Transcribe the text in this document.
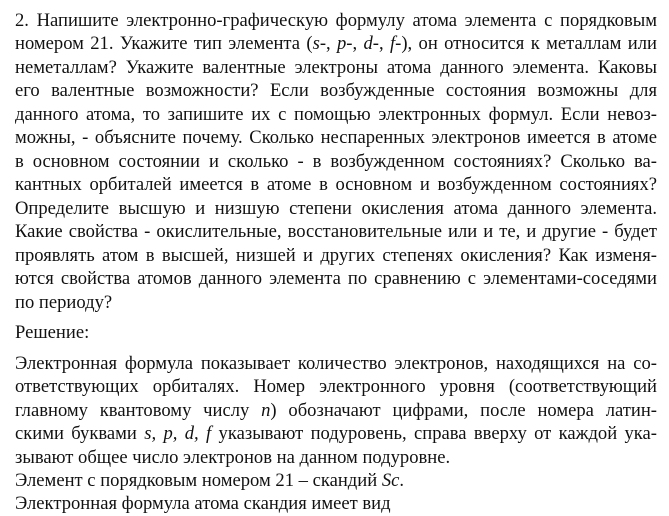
2. Напишите электронно-графическую формулу атома элемента с порядковым
номером 21. Укажите тип элемента (s-, p-, d-, f-), он относится к металлам или
неметаллам? Укажите валентные электроны атома данного элемента. Каковы
его валентные возможности? Если возбужденные состояния возможны для
данного атома, то запишите их с помощью электронных формул. Если невоз-
можны, - объясните почему. Сколько неспаренных электронов имеется в атоме
в основном состоянии и сколько - в возбужденном состояниях? Сколько ва-
кантных орбиталей имеется в атоме в основном и возбужденном состояниях?
Определите высшую и низшую степени окисления атома данного элемента.
Какие свойства - окислительные, восстановительные или и те, и другие - будет
проявлять атом в высшей, низшей и других степенях окисления? Как изменя-
ются свойства атомов данного элемента по сравнению с элементами-соседями
по периоду?
Решение:
Электронная формула показывает количество электронов, находящихся на со-
ответствующих орбиталях. Номер электронного уровня (соответствующий
главному квантовому числу n) обозначают цифрами, после номера латин-
скими буквами s, p, d, f указывают подуровень, справа вверху от каждой ука-
зывают общее число электронов на данном подуровне.
Элемент с порядковым номером 21 – скандий Sc.
Электронная формула атома скандия имеет вид
